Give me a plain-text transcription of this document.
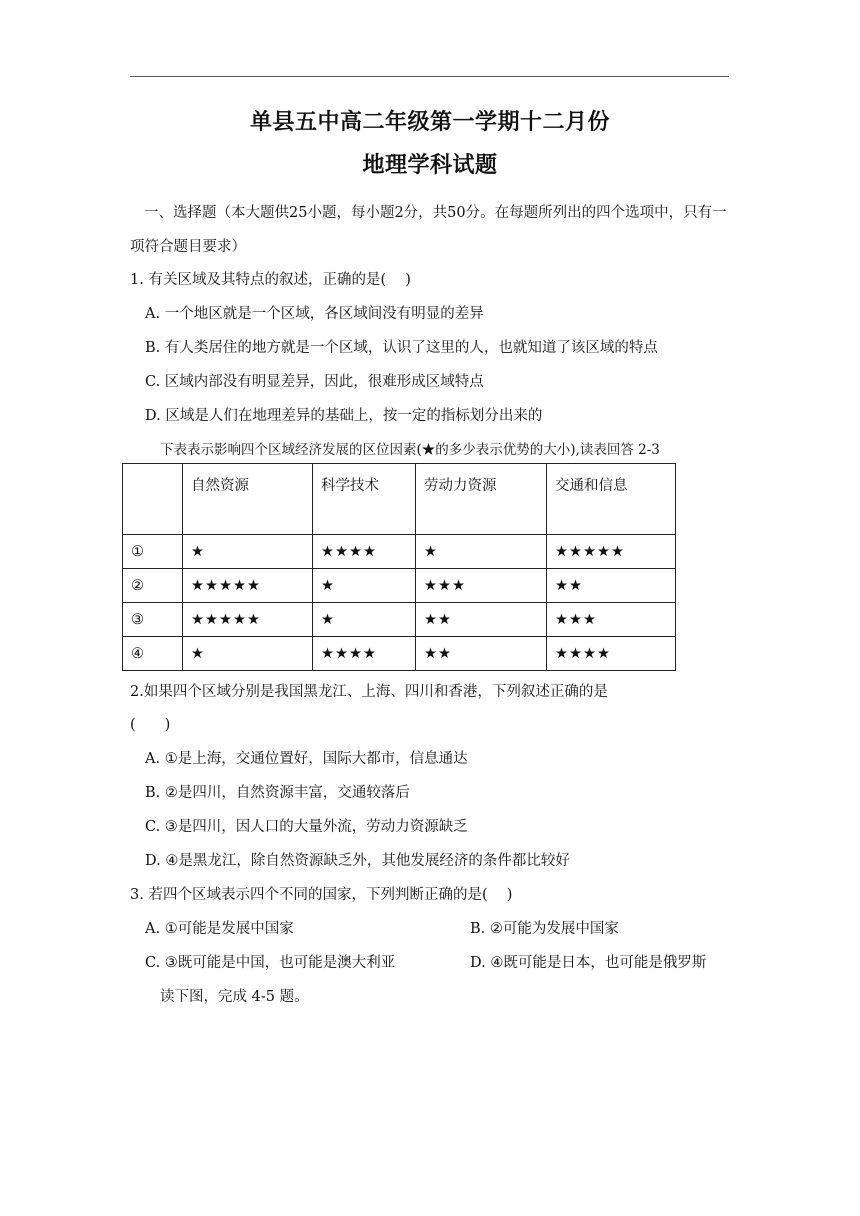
单县五中高二年级第一学期十二月份
地理学科试题
一、选择题（本大题供25小题，每小题2分，共50分。在每题所列出的四个选项中，只有一项符合题目要求）
1. 有关区域及其特点的叙述，正确的是(　 )
A. 一个地区就是一个区域，各区域间没有明显的差异
B. 有人类居住的地方就是一个区域，认识了这里的人，也就知道了该区域的特点
C. 区域内部没有明显差异，因此，很难形成区域特点
D. 区域是人们在地理差异的基础上，按一定的指标划分出来的
下表表示影响四个区域经济发展的区位因素(★的多少表示优势的大小),读表回答 2-3
	自然资源	科学技术	劳动力资源	交通和信息
①	★	★★★★	★	★★★★★
②	★★★★★	★	★★★	★★
③	★★★★★	★	★★	★★★
④	★	★★★★	★★	★★★★
2.如果四个区域分别是我国黑龙江、上海、四川和香港，下列叙述正确的是
(　　)
A. ①是上海，交通位置好，国际大都市，信息通达
B. ②是四川，自然资源丰富，交通较落后
C. ③是四川，因人口的大量外流，劳动力资源缺乏
D. ④是黑龙江，除自然资源缺乏外，其他发展经济的条件都比较好
3. 若四个区域表示四个不同的国家，下列判断正确的是(　 )
A. ①可能是发展中国家	B. ②可能为发展中国家
C. ③既可能是中国，也可能是澳大利亚	D. ④既可能是日本，也可能是俄罗斯
读下图，完成 4-5 题。
